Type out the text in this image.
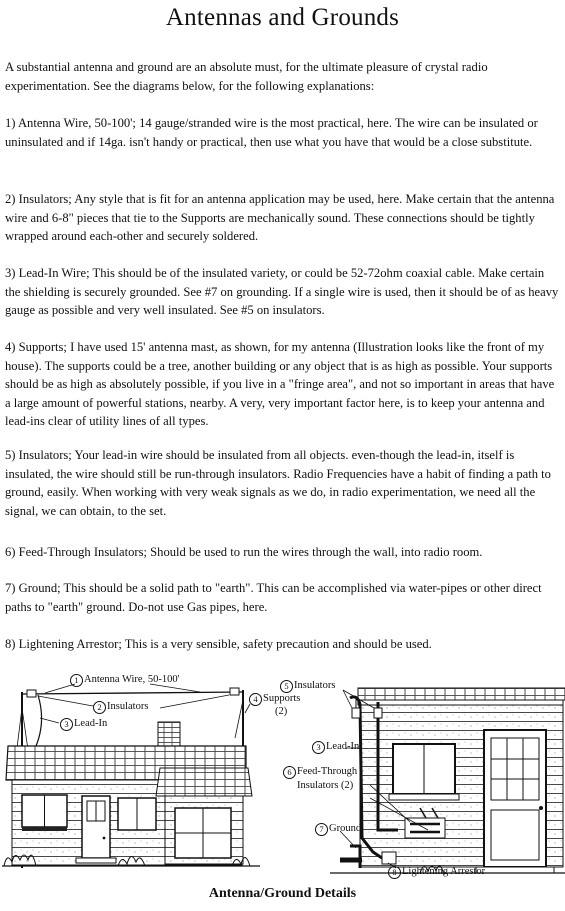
Antennas and Grounds

A substantial antenna and ground are an absolute must, for the ultimate pleasure of crystal radio experimentation. See the diagrams below, for the following explanations:

1) Antenna Wire, 50-100'; 14 gauge/stranded wire is the most practical, here. The wire can be insulated or uninsulated and if 14ga. isn't handy or practical, then use what you have that would be a close substitute.

2) Insulators; Any style that is fit for an antenna application may be used, here. Make certain that the antenna wire and 6-8" pieces that tie to the Supports are mechanically sound. These connections should be tightly wrapped around each-other and securely soldered.

3) Lead-In Wire; This should be of the insulated variety, or could be 52-72ohm coaxial cable. Make certain the shielding is securely grounded. See #7 on grounding. If a single wire is used, then it should be of as heavy gauge as possible and very well insulated. See #5 on insulators.

4) Supports; I have used 15' antenna mast, as shown, for my antenna (Illustration looks like the front of my house). The supports could be a tree, another building or any object that is as high as possible. Your supports should be as high as absolutely possible, if you live in a "fringe area", and not so important in areas that have a large amount of powerful stations, nearby. A very, very important factor here, is to keep your antenna and lead-ins clear of utility lines of all types.

5) Insulators; Your lead-in wire should be insulated from all objects. even-though the lead-in, itself is insulated, the wire should still be run-through insulators. Radio Frequencies have a habit of finding a path to ground, easily. When working with very weak signals as we do, in radio experimentation, we need all the signal, we can obtain, to the set.

6) Feed-Through Insulators; Should be used to run the wires through the wall, into radio room.

7) Ground; This should be a solid path to "earth". This can be accomplished via water-pipes or other direct paths to "earth" ground. Do-not use Gas pipes, here.

8) Lightening Arrestor; This is a very sensible, safety precaution and should be used.

1 Antenna Wire, 50-100'
2 Insulators
3 Lead-In
4 Supports
(2)
5 Insulators
3 Lead-In
6 Feed-Through
Insulators (2)
7 Ground
8 Lightening Arrestor
Antenna/Ground Details
